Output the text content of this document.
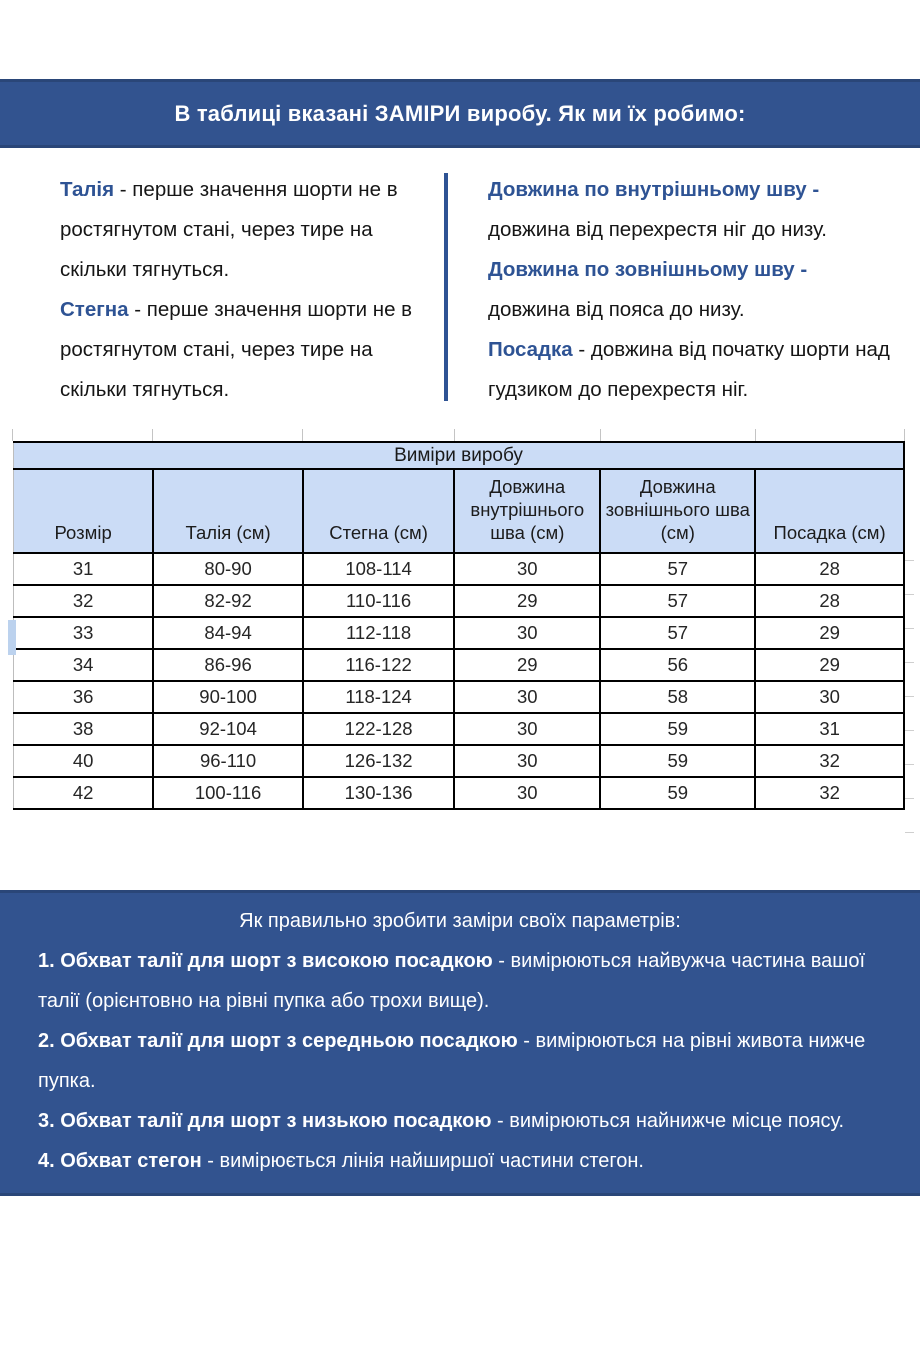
В таблиці вказані ЗАМІРИ виробу. Як ми їх робимо:

Талія - перше значення шорти не в ростягнутом стані, через тире на скільки тягнуться.

Стегна - перше значення шорти не в ростягнутом стані, через тире на скільки тягнуться.

Довжина по внутрішньому шву - довжина від перехрестя ніг до низу.

Довжина по зовнішньому шву - довжина від пояса до низу.

Посадка - довжина від початку шорти над гудзиком до перехрестя ніг.

Виміри виробу					
Розмір	Талія (см)	Стегна (см)	Довжина внутрішнього шва (см)	Довжина зовнішнього шва (см)	Посадка (см)
31	80-90	108-114	30	57	28
32	82-92	110-116	29	57	28
33	84-94	112-118	30	57	29
34	86-96	116-122	29	56	29
36	90-100	118-124	30	58	30
38	92-104	122-128	30	59	31
40	96-110	126-132	30	59	32
42	100-116	130-136	30	59	32

Як правильно зробити заміри своїх параметрів:

1. Обхват талії для шорт з високою посадкою - вимірюються найвужча частина вашої талії (орієнтовно на рівні пупка або трохи вище).

2. Обхват талії для шорт з середньою посадкою - вимірюються на рівні живота нижче пупка.

3. Обхват талії для шорт з низькою посадкою - вимірюються найнижче місце поясу.

4. Обхват стегон - вимірюється лінія найширшої частини стегон.
